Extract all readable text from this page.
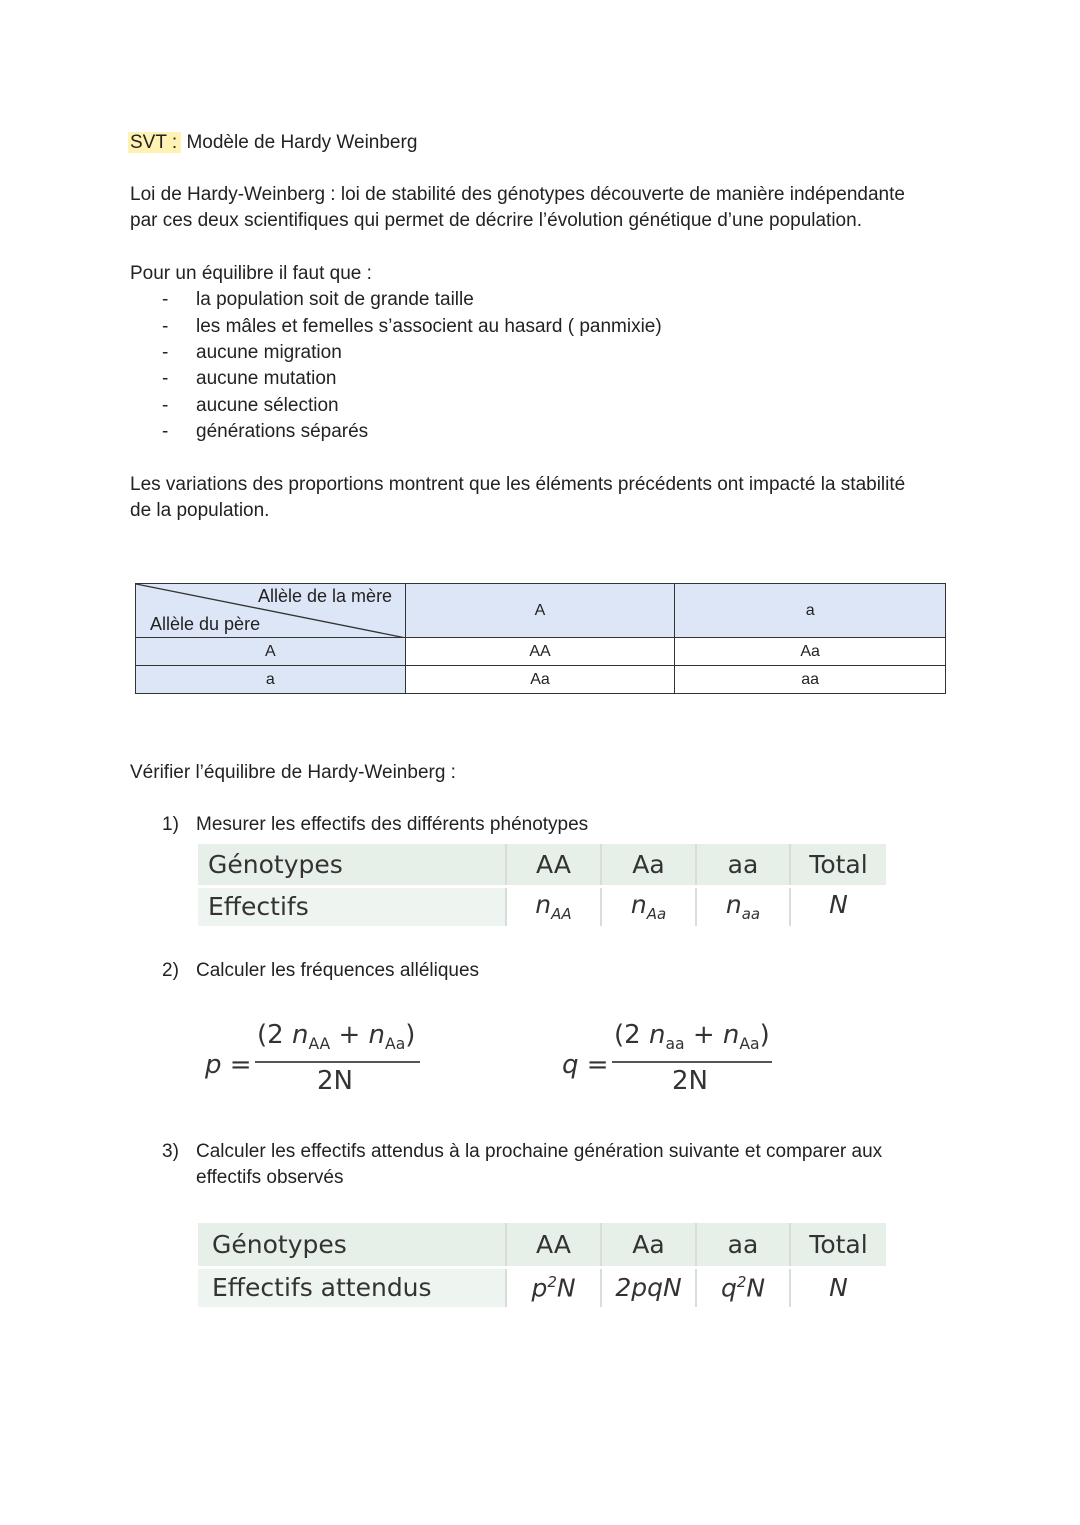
SVT : Modèle de Hardy Weinberg
Loi de Hardy-Weinberg : loi de stabilité des génotypes découverte de manière indépendante
par ces deux scientifiques qui permet de décrire l’évolution génétique d’une population.
Pour un équilibre il faut que :
- la population soit de grande taille
- les mâles et femelles s’associent au hasard ( panmixie)
- aucune migration
- aucune mutation
- aucune sélection
- générations séparés
Les variations des proportions montrent que les éléments précédents ont impacté la stabilité
de la population.
Allèle de la mère
Allèle du père	A	a
A	AA	Aa
a	Aa	aa
Vérifier l’équilibre de Hardy-Weinberg :
1) Mesurer les effectifs des différents phénotypes
Génotypes	AA	Aa	aa	Total
Effectifs	$n_{AA}$	$n_{Aa}$	$n_{aa}$	N
2) Calculer les fréquences alléliques
p =
(2 $n_{AA} + n_{Aa}$)
2N
q =
(2 $n_{aa} + n_{Aa}$)
2N
3) Calculer les effectifs attendus à la prochaine génération suivante et comparer aux
effectifs observés
Génotypes	AA	Aa	aa	Total
Effectifs attendus	$p^2N$	2pqN	$q^2N$	N
